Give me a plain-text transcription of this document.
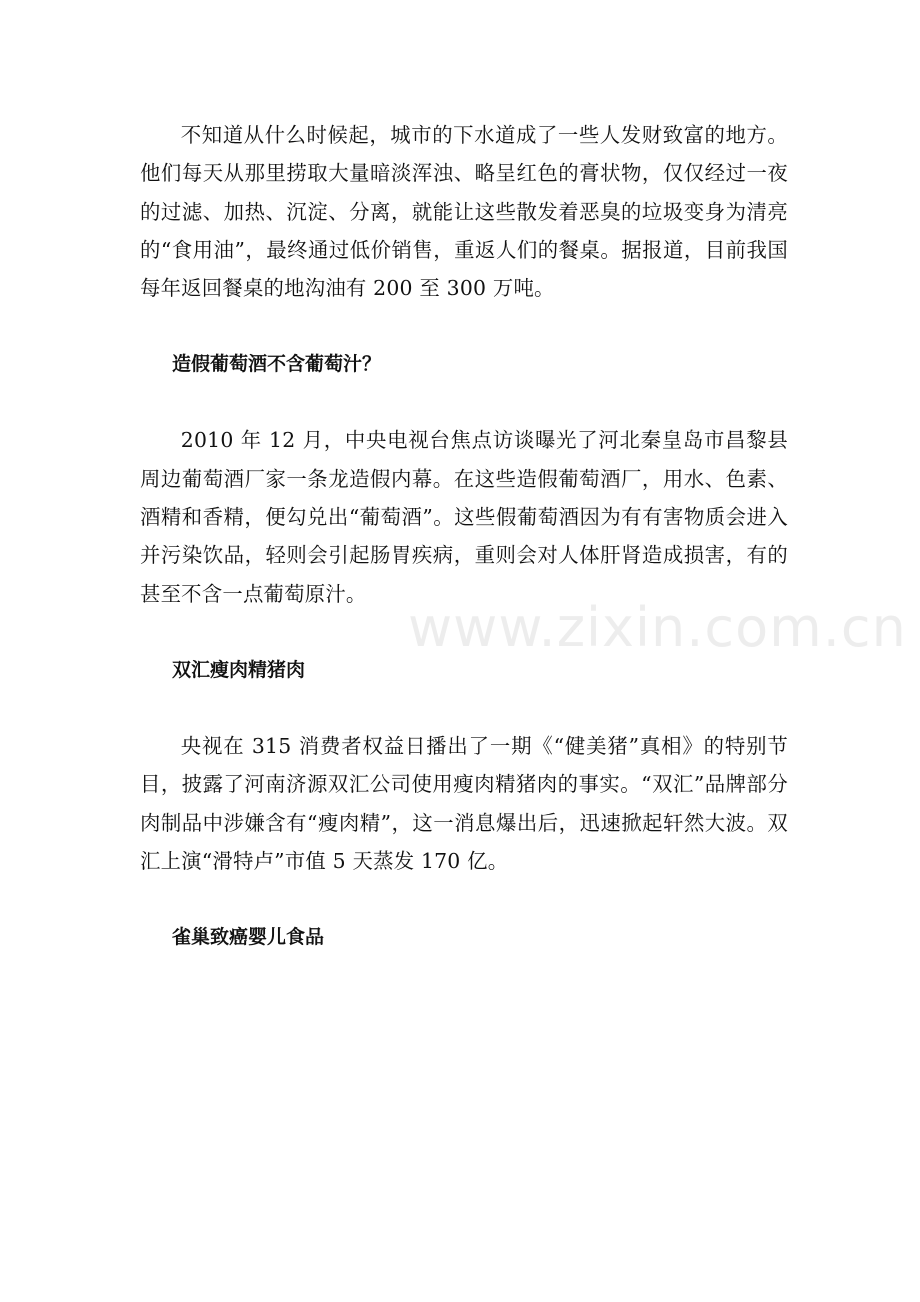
www.zixin.com.cn

不知道从什么时候起，城市的下水道成了一些人发财致富的地方。他们每天从那里捞取大量暗淡浑浊、略呈红色的膏状物，仅仅经过一夜的过滤、加热、沉淀、分离，就能让这些散发着恶臭的垃圾变身为清亮的“食用油”，最终通过低价销售，重返人们的餐桌。据报道，目前我国每年返回餐桌的地沟油有 200 至 300 万吨。

造假葡萄酒不含葡萄汁？

2010 年 12 月，中央电视台焦点访谈曝光了河北秦皇岛市昌黎县周边葡萄酒厂家一条龙造假内幕。在这些造假葡萄酒厂，用水、色素、酒精和香精，便勾兑出“葡萄酒”。这些假葡萄酒因为有有害物质会进入并污染饮品，轻则会引起肠胃疾病，重则会对人体肝肾造成损害，有的甚至不含一点葡萄原汁。

双汇瘦肉精猪肉

央视在 315 消费者权益日播出了一期《“健美猪”真相》的特别节目，披露了河南济源双汇公司使用瘦肉精猪肉的事实。“双汇”品牌部分肉制品中涉嫌含有“瘦肉精”，这一消息爆出后，迅速掀起轩然大波。双汇上演“滑特卢”市值 5 天蒸发 170 亿。

雀巢致癌婴儿食品
